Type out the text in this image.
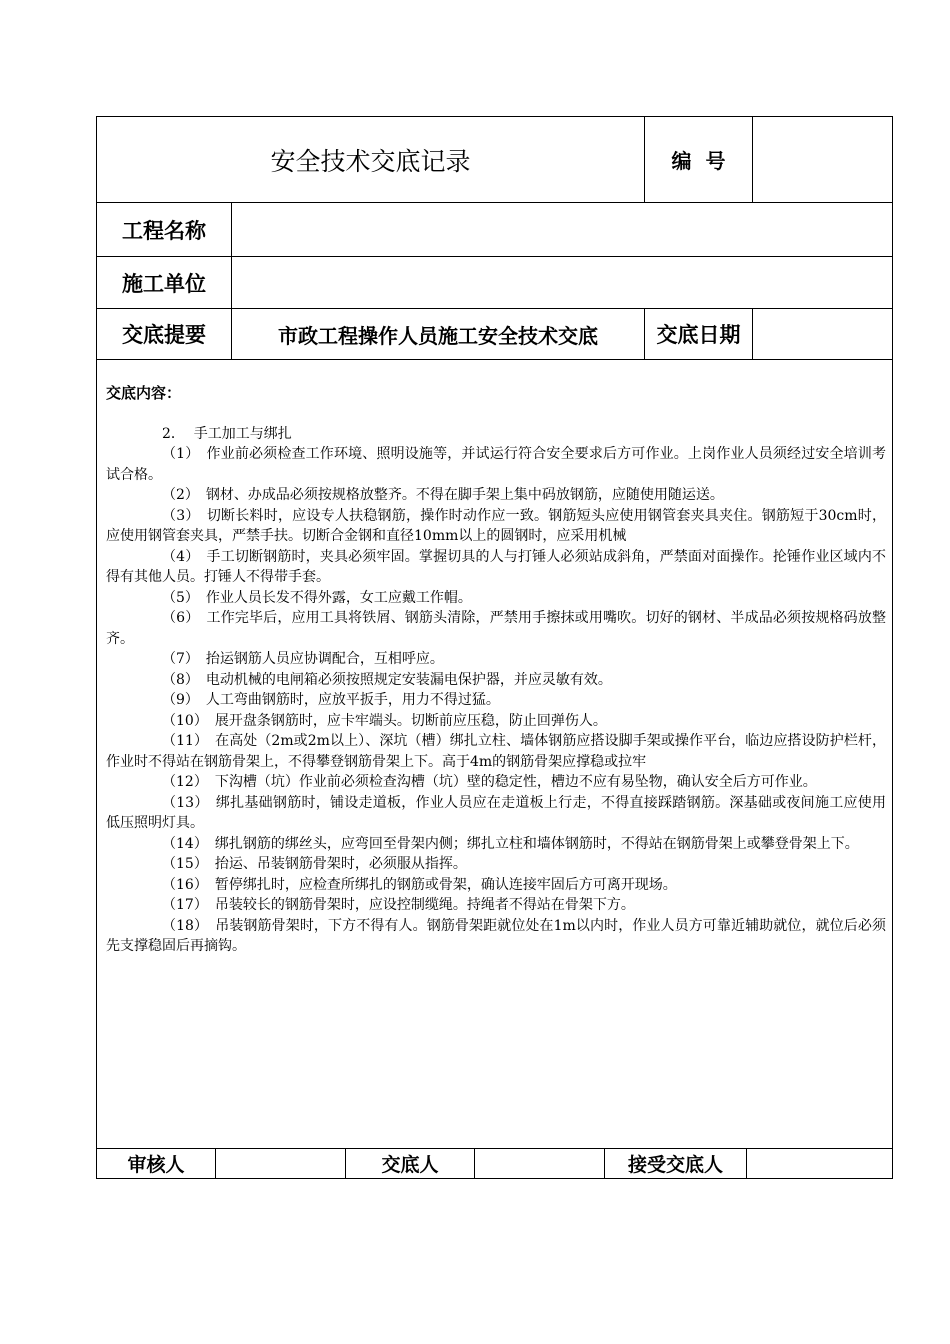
安全技术交底记录	编  号
工程名称
施工单位
交底提要	市政工程操作人员施工安全技术交底	交底日期
交底内容：

2．  手工加工与绑扎

（1）　作业前必须检查工作环境、照明设施等，并试运行符合安全要求后方可作业。上岗作业人员须经过安全培训考试合格。

（2）　钢材、办成品必须按规格放整齐。不得在脚手架上集中码放钢筋，应随使用随运送。

（3）　切断长料时，应设专人扶稳钢筋，操作时动作应一致。钢筋短头应使用钢管套夹具夹住。钢筋短于30cm时，应使用钢管套夹具，严禁手扶。切断合金钢和直径10mm以上的圆钢时，应采用机械

（4）　手工切断钢筋时，夹具必须牢固。掌握切具的人与打锤人必须站成斜角，严禁面对面操作。抡锤作业区域内不得有其他人员。打锤人不得带手套。

（5）　作业人员长发不得外露，女工应戴工作帽。

（6）　工作完毕后，应用工具将铁屑、钢筋头清除，严禁用手擦抹或用嘴吹。切好的钢材、半成品必须按规格码放整齐。

（7）　抬运钢筋人员应协调配合，互相呼应。

（8）　电动机械的电闸箱必须按照规定安装漏电保护器，并应灵敏有效。

（9）　人工弯曲钢筋时，应放平扳手，用力不得过猛。

（10）　展开盘条钢筋时，应卡牢端头。切断前应压稳，防止回弹伤人。

（11）　在高处（2m或2m以上）、深坑（槽）绑扎立柱、墙体钢筋应搭设脚手架或操作平台，临边应搭设防护栏杆，作业时不得站在钢筋骨架上，不得攀登钢筋骨架上下。高于4m的钢筋骨架应撑稳或拉牢

（12）　下沟槽（坑）作业前必须检查沟槽（坑）壁的稳定性，槽边不应有易坠物，确认安全后方可作业。

（13）　绑扎基础钢筋时，铺设走道板，作业人员应在走道板上行走，不得直接踩踏钢筋。深基础或夜间施工应使用低压照明灯具。

（14）　绑扎钢筋的绑丝头，应弯回至骨架内侧；绑扎立柱和墙体钢筋时，不得站在钢筋骨架上或攀登骨架上下。

（15）　抬运、吊装钢筋骨架时，必须服从指挥。

（16）　暂停绑扎时，应检查所绑扎的钢筋或骨架，确认连接牢固后方可离开现场。

（17）　吊装较长的钢筋骨架时，应设控制缆绳。持绳者不得站在骨架下方。

（18）　吊装钢筋骨架时，下方不得有人。钢筋骨架距就位处在1m以内时，作业人员方可靠近辅助就位，就位后必须先支撑稳固后再摘钩。

审核人	交底人	接受交底人
